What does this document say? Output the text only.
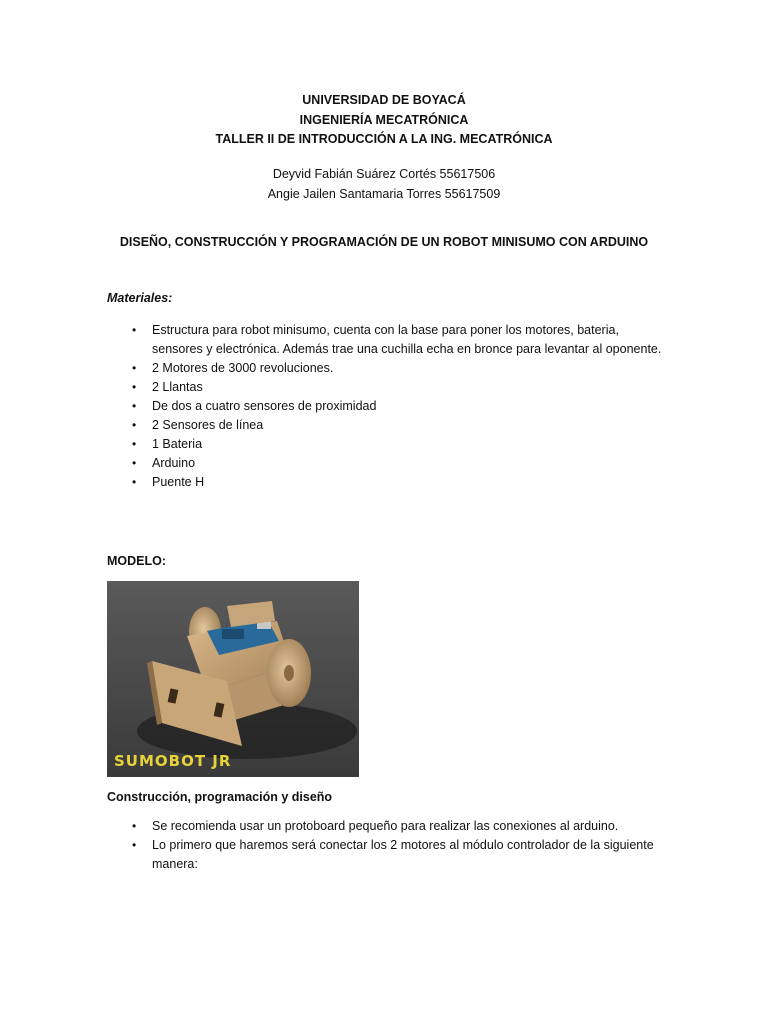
UNIVERSIDAD DE BOYACÁ
INGENIERÍA MECATRÓNICA
TALLER II DE INTRODUCCIÓN A LA ING. MECATRÓNICA
Deyvid Fabián Suárez Cortés 55617506
Angie Jailen Santamaria Torres 55617509
DISEÑO, CONSTRUCCIÓN Y PROGRAMACIÓN DE UN ROBOT MINISUMO CON ARDUINO
Materiales:
• Estructura para robot minisumo, cuenta con la base para poner los motores, bateria, sensores y electrónica. Además trae una cuchilla echa en bronce para levantar al oponente.
• 2 Motores de 3000 revoluciones.
• 2 Llantas
• De dos a cuatro sensores de proximidad
• 2 Sensores de línea
• 1 Bateria
• Arduino
• Puente H
MODELO:
SUMOBOT JR
Construcción, programación y diseño
• Se recomienda usar un protoboard pequeño para realizar las conexiones al arduino.
• Lo primero que haremos será conectar los 2 motores al módulo controlador de la siguiente manera:
